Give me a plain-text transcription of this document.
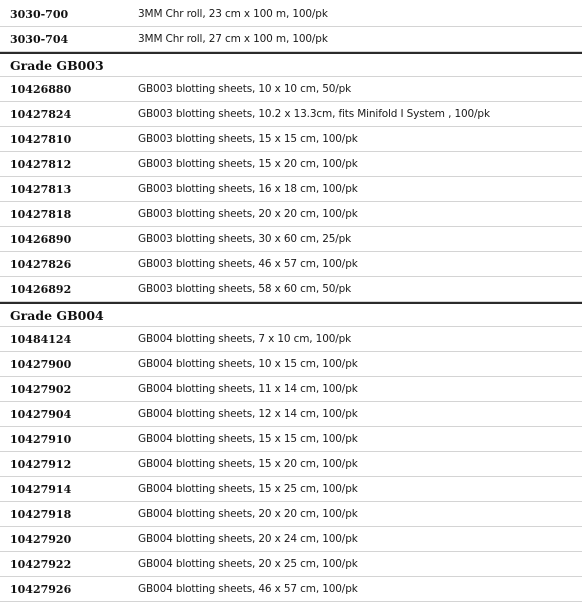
3030-700	3MM Chr roll, 23 cm x 100 m, 100/pk
3030-704	3MM Chr roll, 27 cm x 100 m, 100/pk
Grade GB003
10426880	GB003 blotting sheets, 10 x 10 cm, 50/pk
10427824	GB003 blotting sheets, 10.2 x 13.3cm, fits Minifold I System , 100/pk
10427810	GB003 blotting sheets, 15 x 15 cm, 100/pk
10427812	GB003 blotting sheets, 15 x 20 cm, 100/pk
10427813	GB003 blotting sheets, 16 x 18 cm, 100/pk
10427818	GB003 blotting sheets, 20 x 20 cm, 100/pk
10426890	GB003 blotting sheets, 30 x 60 cm, 25/pk
10427826	GB003 blotting sheets, 46 x 57 cm, 100/pk
10426892	GB003 blotting sheets, 58 x 60 cm, 50/pk
Grade GB004
10484124	GB004 blotting sheets, 7 x 10 cm, 100/pk
10427900	GB004 blotting sheets, 10 x 15 cm, 100/pk
10427902	GB004 blotting sheets, 11 x 14 cm, 100/pk
10427904	GB004 blotting sheets, 12 x 14 cm, 100/pk
10427910	GB004 blotting sheets, 15 x 15 cm, 100/pk
10427912	GB004 blotting sheets, 15 x 20 cm, 100/pk
10427914	GB004 blotting sheets, 15 x 25 cm, 100/pk
10427918	GB004 blotting sheets, 20 x 20 cm, 100/pk
10427920	GB004 blotting sheets, 20 x 24 cm, 100/pk
10427922	GB004 blotting sheets, 20 x 25 cm, 100/pk
10427926	GB004 blotting sheets, 46 x 57 cm, 100/pk
